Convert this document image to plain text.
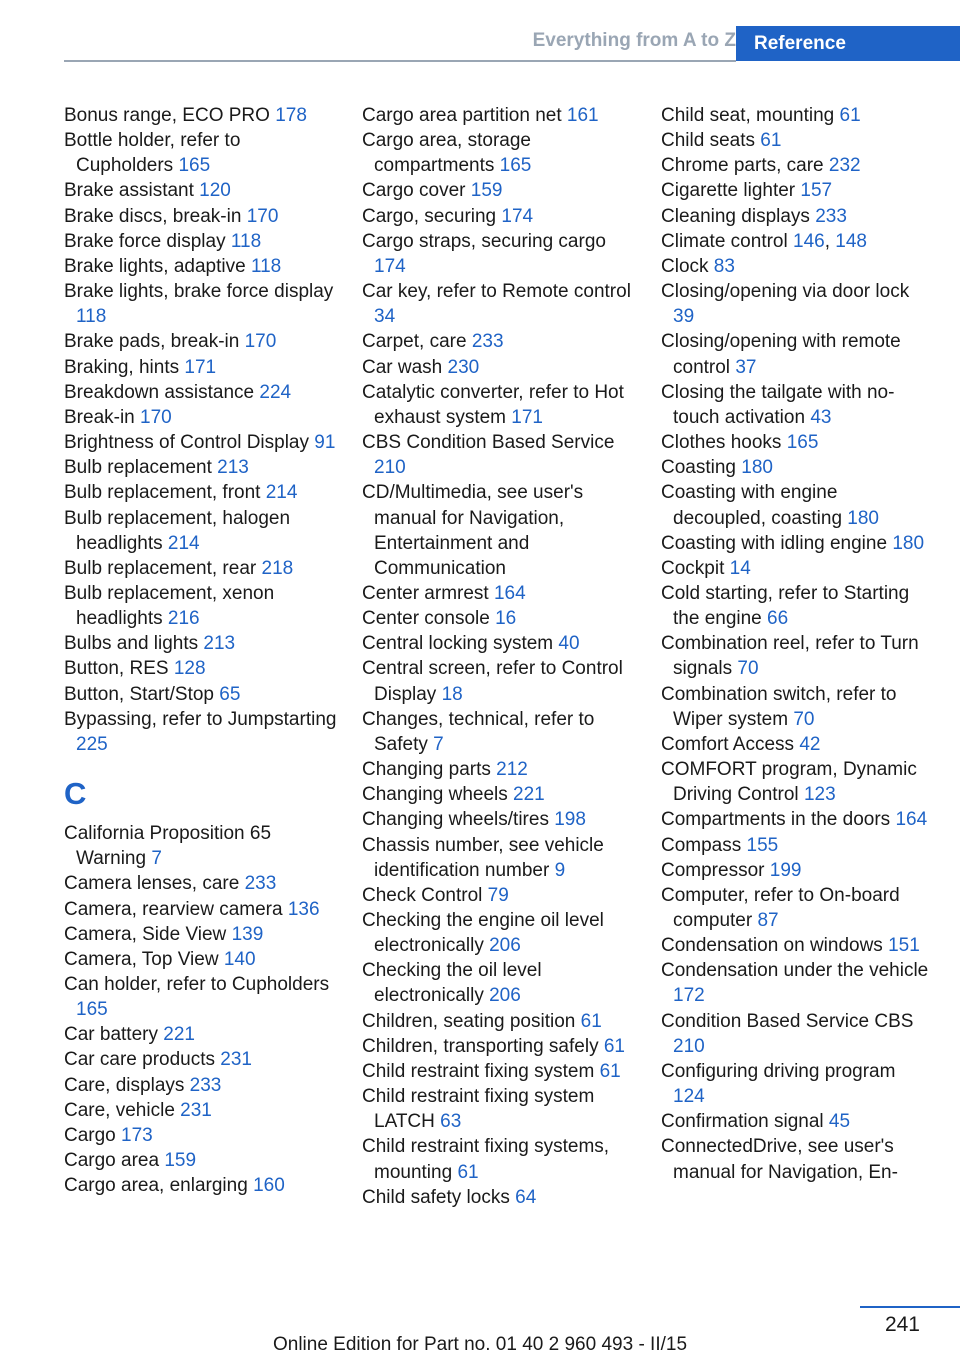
Everything from A to Z Reference
Bonus range, ECO PRO 178
Bottle holder, refer to Cupholders 165
Brake assistant 120
Brake discs, break-in 170
Brake force display 118
Brake lights, adaptive 118
Brake lights, brake force display 118
Brake pads, break-in 170
Braking, hints 171
Breakdown assistance 224
Break-in 170
Brightness of Control Display 91
Bulb replacement 213
Bulb replacement, front 214
Bulb replacement, halogen headlights 214
Bulb replacement, rear 218
Bulb replacement, xenon headlights 216
Bulbs and lights 213
Button, RES 128
Button, Start/Stop 65
Bypassing, refer to Jumpstarting 225
C
California Proposition 65 Warning 7
Camera lenses, care 233
Camera, rearview camera 136
Camera, Side View 139
Camera, Top View 140
Can holder, refer to Cupholders 165
Car battery 221
Car care products 231
Care, displays 233
Care, vehicle 231
Cargo 173
Cargo area 159
Cargo area, enlarging 160
Cargo area partition net 161
Cargo area, storage compartments 165
Cargo cover 159
Cargo, securing 174
Cargo straps, securing cargo 174
Car key, refer to Remote control 34
Carpet, care 233
Car wash 230
Catalytic converter, refer to Hot exhaust system 171
CBS Condition Based Service 210
CD/Multimedia, see user's manual for Navigation, Entertainment and Communication
Center armrest 164
Center console 16
Central locking system 40
Central screen, refer to Control Display 18
Changes, technical, refer to Safety 7
Changing parts 212
Changing wheels 221
Changing wheels/tires 198
Chassis number, see vehicle identification number 9
Check Control 79
Checking the engine oil level electronically 206
Checking the oil level electronically 206
Children, seating position 61
Children, transporting safely 61
Child restraint fixing system 61
Child restraint fixing system LATCH 63
Child restraint fixing systems, mounting 61
Child safety locks 64
Child seat, mounting 61
Child seats 61
Chrome parts, care 232
Cigarette lighter 157
Cleaning displays 233
Climate control 146, 148
Clock 83
Closing/opening via door lock 39
Closing/opening with remote control 37
Closing the tailgate with no-touch activation 43
Clothes hooks 165
Coasting 180
Coasting with engine decoupled, coasting 180
Coasting with idling engine 180
Cockpit 14
Cold starting, refer to Starting the engine 66
Combination reel, refer to Turn signals 70
Combination switch, refer to Wiper system 70
Comfort Access 42
COMFORT program, Dynamic Driving Control 123
Compartments in the doors 164
Compass 155
Compressor 199
Computer, refer to On-board computer 87
Condensation on windows 151
Condensation under the vehicle 172
Condition Based Service CBS 210
Configuring driving program 124
Confirmation signal 45
ConnectedDrive, see user's manual for Navigation, En-
241
Online Edition for Part no. 01 40 2 960 493 - II/15
